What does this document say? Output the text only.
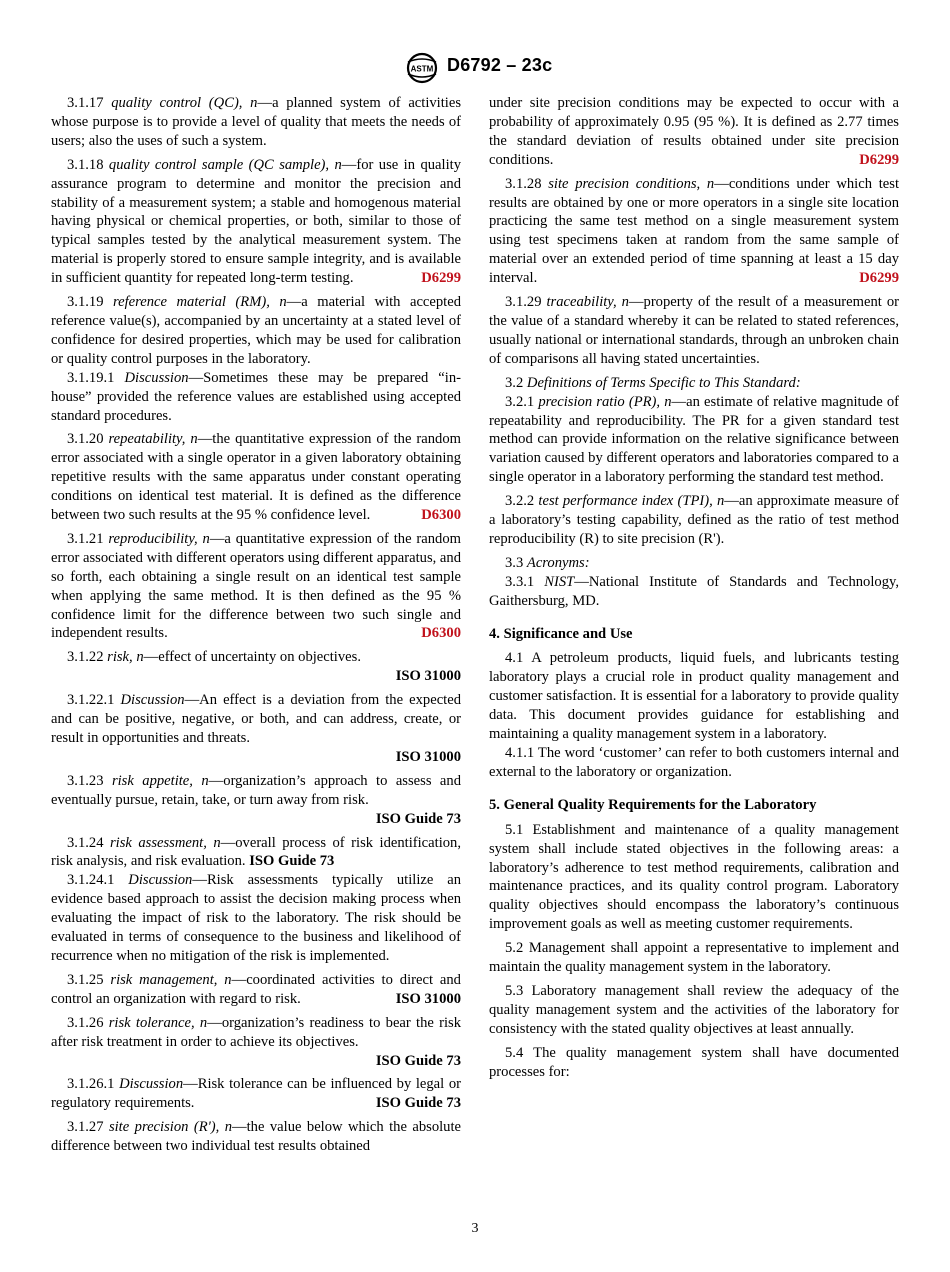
ASTM D6792 – 23c

3.1.17 quality control (QC), n—a planned system of activities whose purpose is to provide a level of quality that meets the needs of users; also the uses of such a system.

3.1.18 quality control sample (QC sample), n—for use in quality assurance program to determine and monitor the precision and stability of a measurement system; a stable and homogenous material having physical or chemical properties, or both, similar to those of typical samples tested by the analytical measurement system. The material is properly stored to ensure sample integrity, and is available in sufficient quantity for repeated long-term testing.	D6299

3.1.19 reference material (RM), n—a material with accepted reference value(s), accompanied by an uncertainty at a stated level of confidence for desired properties, which may be used for calibration or quality control purposes in the laboratory.

3.1.19.1 Discussion—Sometimes these may be prepared “in-house” provided the reference values are established using accepted standard procedures.

3.1.20 repeatability, n—the quantitative expression of the random error associated with a single operator in a given laboratory obtaining repetitive results with the same apparatus under constant operating conditions on identical test material. It is defined as the difference between two such results at the 95 % confidence level.	D6300

3.1.21 reproducibility, n—a quantitative expression of the random error associated with different operators using different apparatus, and so forth, each obtaining a single result on an identical test sample when applying the same method. It is then defined as the 95 % confidence limit for the difference between two such single and independent results.	D6300

3.1.22 risk, n—effect of uncertainty on objectives.

ISO 31000

3.1.22.1 Discussion—An effect is a deviation from the expected and can be positive, negative, or both, and can address, create, or result in opportunities and threats.

ISO 31000

3.1.23 risk appetite, n—organization’s approach to assess and eventually pursue, retain, take, or turn away from risk.

ISO Guide 73

3.1.24 risk assessment, n—overall process of risk identification, risk analysis, and risk evaluation. ISO Guide 73

3.1.24.1 Discussion—Risk assessments typically utilize an evidence based approach to assist the decision making process when evaluating the impact of risk to the laboratory. The risk should be evaluated in terms of consequence to the business and likelihood of recurrence when no mitigation of the risk is implemented.

3.1.25 risk management, n—coordinated activities to direct and control an organization with regard to risk.	ISO 31000

3.1.26 risk tolerance, n—organization’s readiness to bear the risk after risk treatment in order to achieve its objectives.

ISO Guide 73

3.1.26.1 Discussion—Risk tolerance can be influenced by legal or regulatory requirements.	ISO Guide 73

3.1.27 site precision (R'), n—the value below which the absolute difference between two individual test results obtained

under site precision conditions may be expected to occur with a probability of approximately 0.95 (95 %). It is defined as 2.77 times the standard deviation of results obtained under site precision conditions.	D6299

3.1.28 site precision conditions, n—conditions under which test results are obtained by one or more operators in a single site location practicing the same test method on a single measurement system using test specimens taken at random from the same sample of material over an extended period of time spanning at least a 15 day interval.	D6299

3.1.29 traceability, n—property of the result of a measurement or the value of a standard whereby it can be related to stated references, usually national or international standards, through an unbroken chain of comparisons all having stated uncertainties.

3.2 Definitions of Terms Specific to This Standard:

3.2.1 precision ratio (PR), n—an estimate of relative magnitude of repeatability and reproducibility. The PR for a given standard test method can provide information on the relative significance between variation caused by different operators and laboratories compared to a single operator in a laboratory performing the standard test method.

3.2.2 test performance index (TPI), n—an approximate measure of a laboratory’s testing capability, defined as the ratio of test method reproducibility (R) to site precision (R').

3.3 Acronyms:

3.3.1 NIST—National Institute of Standards and Technology, Gaithersburg, MD.

4. Significance and Use

4.1 A petroleum products, liquid fuels, and lubricants testing laboratory plays a crucial role in product quality management and customer satisfaction. It is essential for a laboratory to provide quality data. This document provides guidance for establishing and maintaining a quality management system in a laboratory.

4.1.1 The word ‘customer’ can refer to both customers internal and external to the laboratory or organization.

5. General Quality Requirements for the Laboratory

5.1 Establishment and maintenance of a quality management system shall include stated objectives in the following areas: a laboratory’s adherence to test method requirements, calibration and maintenance practices, and its quality control program. Laboratory quality objectives should encompass the laboratory’s continuous improvement goals as well as meeting customer requirements.

5.2 Management shall appoint a representative to implement and maintain the quality management system in the laboratory.

5.3 Laboratory management shall review the adequacy of the quality management system and the activities of the laboratory for consistency with the stated quality objectives at least annually.

5.4 The quality management system shall have documented processes for:

3
